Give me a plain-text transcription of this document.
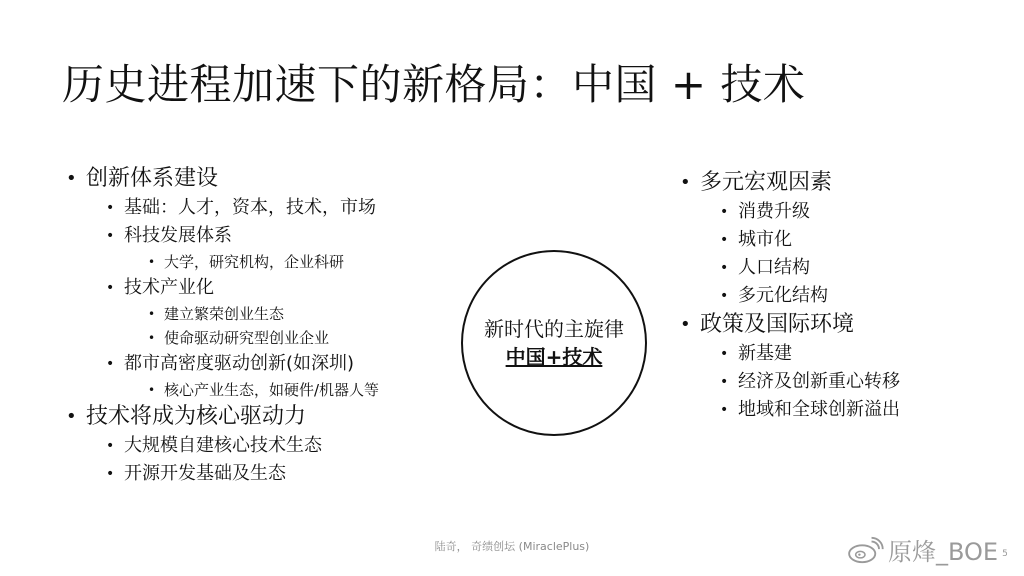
历史进程加速下的新格局：中国 + 技术
• 创新体系建设
• 基础：人才，资本，技术，市场
• 科技发展体系
• 大学，研究机构，企业科研
• 技术产业化
• 建立繁荣创业生态
• 使命驱动研究型创业企业
• 都市高密度驱动创新(如深圳)
• 核心产业生态，如硬件/机器人等
• 技术将成为核心驱动力
• 大规模自建核心技术生态
• 开源开发基础及生态
新时代的主旋律
中国+技术
• 多元宏观因素
• 消费升级
• 城市化
• 人口结构
• 多元化结构
• 政策及国际环境
• 新基建
• 经济及创新重心转移
• 地域和全球创新溢出
陆奇， 奇绩创坛 (MiraclePlus)	原烽_BOE 5
